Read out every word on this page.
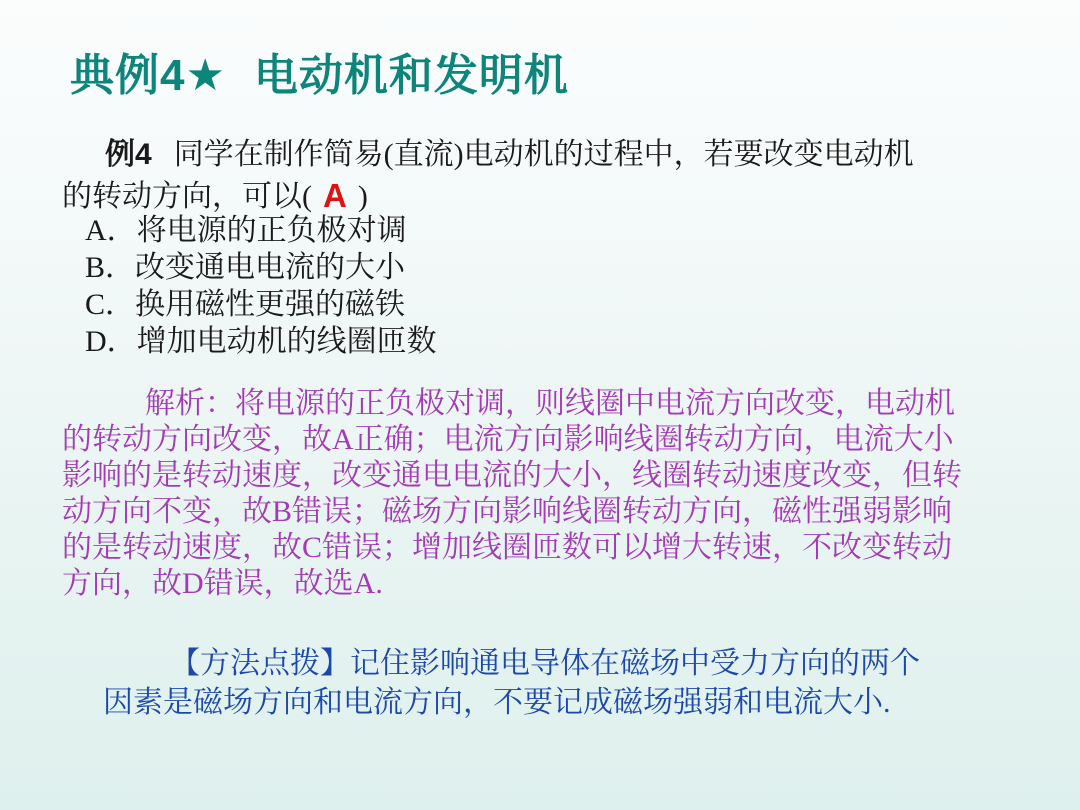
典例4★ 电动机和发明机
例4 同学在制作简易(直流)电动机的过程中，若要改变电动机
的转动方向，可以( A )
A．将电源的正负极对调
B．改变通电电流的大小
C．换用磁性更强的磁铁
D．增加电动机的线圈匝数
解析：将电源的正负极对调，则线圈中电流方向改变，电动机
的转动方向改变，故A正确；电流方向影响线圈转动方向，电流大小
影响的是转动速度，改变通电电流的大小，线圈转动速度改变，但转
动方向不变，故B错误；磁场方向影响线圈转动方向，磁性强弱影响
的是转动速度，故C错误；增加线圈匝数可以增大转速，不改变转动
方向，故D错误，故选A.
【方法点拨】记住影响通电导体在磁场中受力方向的两个
因素是磁场方向和电流方向，不要记成磁场强弱和电流大小.
